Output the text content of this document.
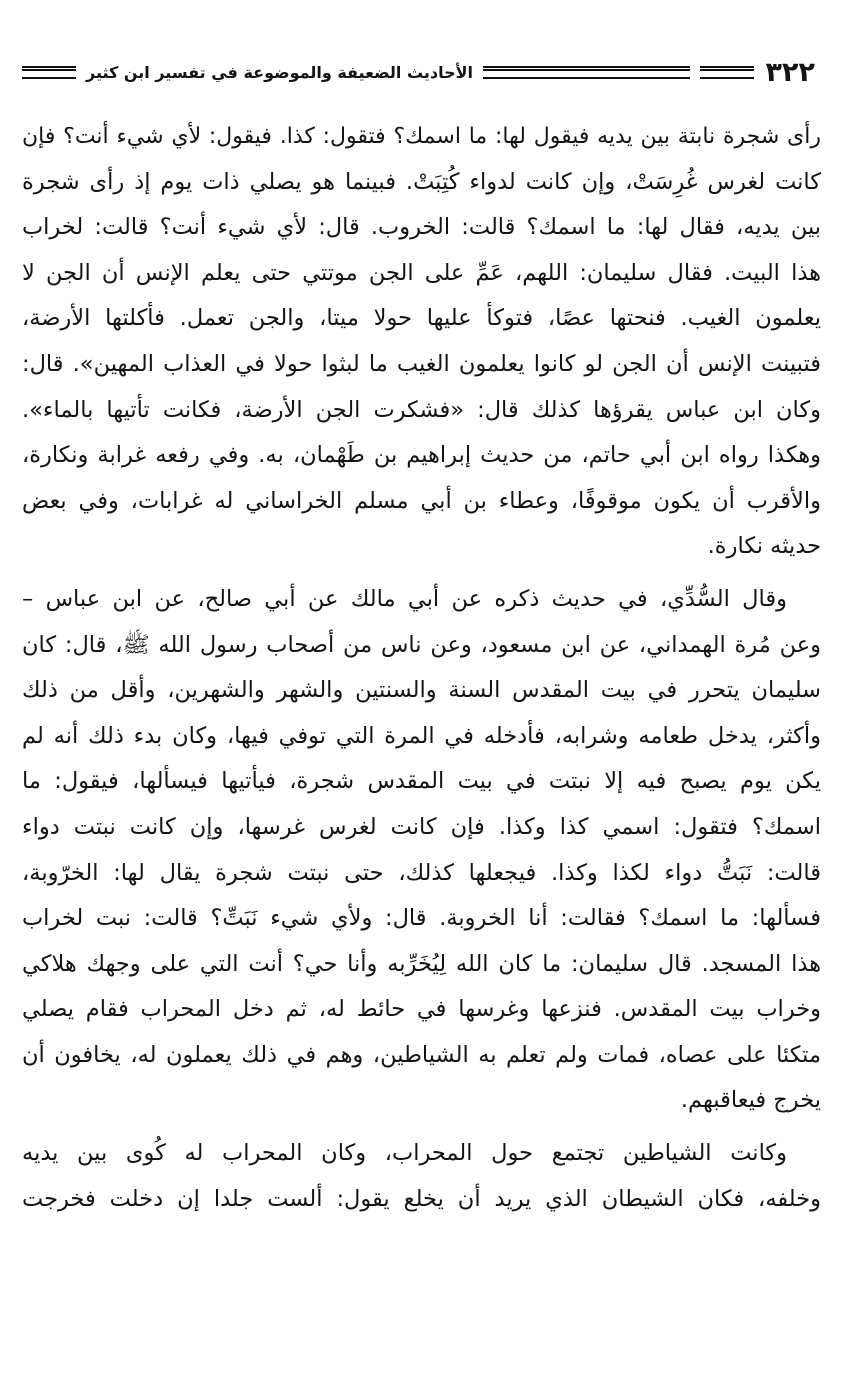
٣٢٢
الأحاديث الضعيفة والموضوعة في تفسير ابن كثير

رأى شجرة نابتة بين يديه فيقول لها: ما اسمك؟ فتقول: كذا. فيقول: لأي شيء أنت؟ فإن
كانت لغرس غُرِسَتْ، وإن كانت لدواء كُتِبَتْ. فبينما هو يصلي ذات يوم إذ رأى شجرة
بين يديه، فقال لها: ما اسمك؟ قالت: الخروب. قال: لأي شيء أنت؟ قالت: لخراب
هذا البيت. فقال سليمان: اللهم، عَمِّ على الجن موتتي حتى يعلم الإنس أن الجن لا
يعلمون الغيب. فنحتها عصًا، فتوكأ عليها حولا ميتا، والجن تعمل. فأكلتها الأرضة،
فتبينت الإنس أن الجن لو كانوا يعلمون الغيب ما لبثوا حولا في العذاب المهين». قال:
وكان ابن عباس يقرؤها كذلك قال: «فشكرت الجن الأرضة، فكانت تأتيها بالماء».
وهكذا رواه ابن أبي حاتم، من حديث إبراهيم بن طَهْمان، به. وفي رفعه غرابة ونكارة،
والأقرب أن يكون موقوفًا، وعطاء بن أبي مسلم الخراساني له غرابات، وفي بعض
حديثه نكارة.

وقال السُّدِّي، في حديث ذكره عن أبي مالك عن أبي صالح، عن ابن عباس –
وعن مُرة الهمداني، عن ابن مسعود، وعن ناس من أصحاب رسول الله ﷺ، قال: كان
سليمان يتحرر في بيت المقدس السنة والسنتين والشهر والشهرين، وأقل من ذلك
وأكثر، يدخل طعامه وشرابه، فأدخله في المرة التي توفي فيها، وكان بدء ذلك أنه لم
يكن يوم يصبح فيه إلا نبتت في بيت المقدس شجرة، فيأتيها فيسألها، فيقول: ما
اسمك؟ فتقول: اسمي كذا وكذا. فإن كانت لغرس غرسها، وإن كانت نبتت دواء
قالت: نَبَتُّ دواء لكذا وكذا. فيجعلها كذلك، حتى نبتت شجرة يقال لها: الخرّوبة،
فسألها: ما اسمك؟ فقالت: أنا الخروبة. قال: ولأي شيء نَبَتِّ؟ قالت: نبت لخراب
هذا المسجد. قال سليمان: ما كان الله لِيُخَرِّبه وأنا حي؟ أنت التي على وجهك هلاكي
وخراب بيت المقدس. فنزعها وغرسها في حائط له، ثم دخل المحراب فقام يصلي
متكئا على عصاه، فمات ولم تعلم به الشياطين، وهم في ذلك يعملون له، يخافون أن
يخرج فيعاقبهم.

وكانت الشياطين تجتمع حول المحراب، وكان المحراب له كُوى بين يديه
وخلفه، فكان الشيطان الذي يريد أن يخلع يقول: ألست جلدا إن دخلت فخرجت
